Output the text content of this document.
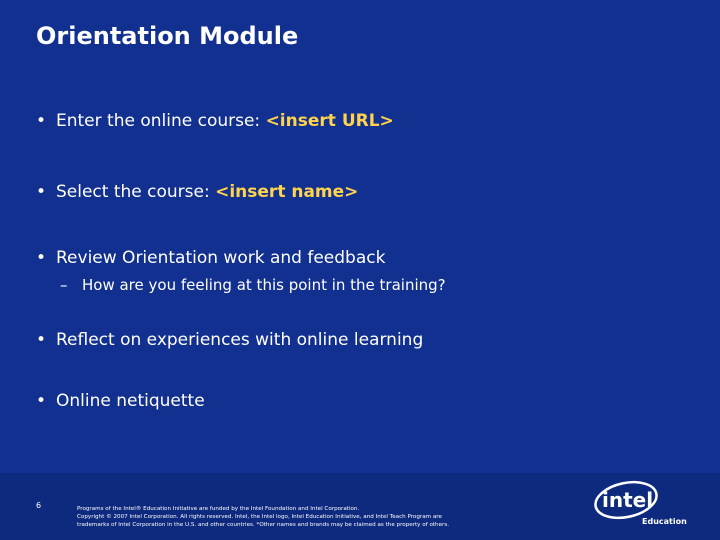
Orientation Module
• Enter the online course: <insert URL>
• Select the course: <insert name>
• Review Orientation work and feedback
– How are you feeling at this point in the training?
• Reflect on experiences with online learning
• Online netiquette
6	Programs of the Intel® Education Initiative are funded by the Intel Foundation and Intel Corporation.
Copyright © 2007 Intel Corporation. All rights reserved. Intel, the Intel logo, Intel Education Initiative, and Intel Teach Program are
trademarks of Intel Corporation in the U.S. and other countries. *Other names and brands may be claimed as the property of others.
intel
Education
